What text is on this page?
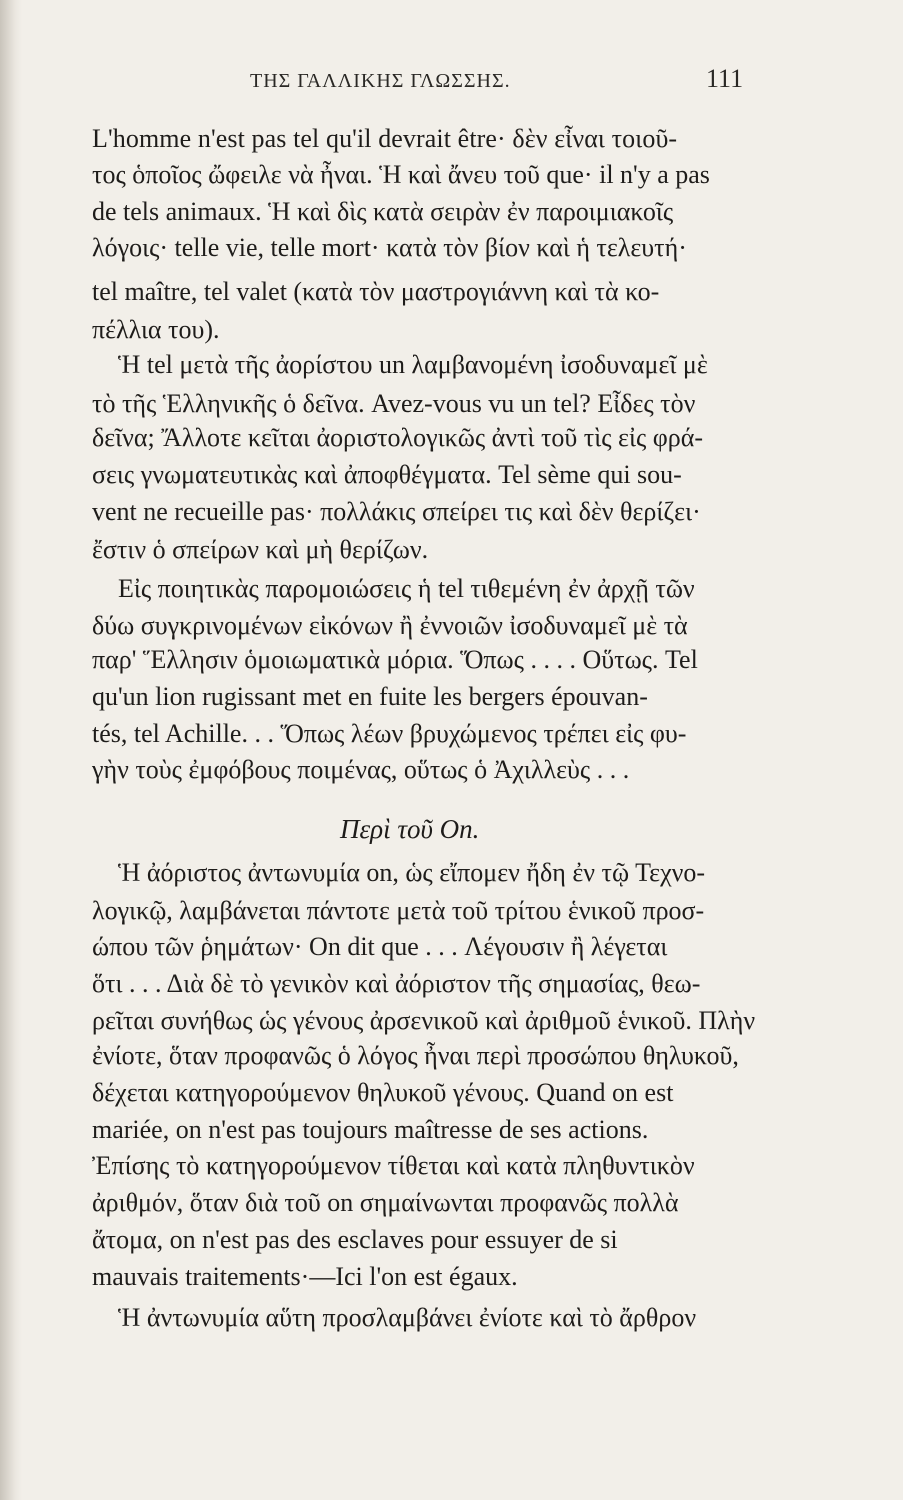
ΤΗΣ ΓΑΛΛΙΚΗΣ ΓΛΩΣΣΗΣ.	111
L'homme n'est pas tel qu'il devrait être· δὲν εἶναι τοιοῦ-
τος ὁποῖος ὤφειλε νὰ ἦναι. Ἡ καὶ ἄνευ τοῦ que· il n'y a pas
de tels animaux. Ἡ καὶ δὶς κατὰ σειρὰν ἐν παροιμιακοῖς
λόγοις· telle vie, telle mort· κατὰ τὸν βίον καὶ ἡ τελευτή·
tel maître, tel valet (κατὰ τὸν μαστρογιάννη καὶ τὰ κο-
πέλλια του).
Ἡ tel μετὰ τῆς ἀορίστου un λαμβανομένη ἰσοδυναμεῖ μὲ
τὸ τῆς Ἑλληνικῆς ὁ δεῖνα. Avez-vous vu un tel? Εἶδες τὸν
δεῖνα; Ἄλλοτε κεῖται ἀοριστολογικῶς ἀντὶ τοῦ τὶς εἰς φρά-
σεις γνωματευτικὰς καὶ ἀποφθέγματα. Tel sème qui sou-
vent ne recueille pas· πολλάκις σπείρει τις καὶ δὲν θερίζει·
ἔστιν ὁ σπείρων καὶ μὴ θερίζων.
Εἰς ποιητικὰς παρομοιώσεις ἡ tel τιθεμένη ἐν ἀρχῇ τῶν
δύω συγκρινομένων εἰκόνων ἢ ἐννοιῶν ἰσοδυναμεῖ μὲ τὰ
παρ' Ἕλλησιν ὁμοιωματικὰ μόρια. Ὅπως . . . . Οὕτως. Tel
qu'un lion rugissant met en fuite les bergers épouvan-
tés, tel Achille. . . Ὅπως λέων βρυχώμενος τρέπει εἰς φυ-
γὴν τοὺς ἐμφόβους ποιμένας, οὕτως ὁ Ἀχιλλεὺς . . .
Περὶ τοῦ On.
Ἡ ἀόριστος ἀντωνυμία on, ὡς εἴπομεν ἤδη ἐν τῷ Τεχνο-
λογικῷ, λαμβάνεται πάντοτε μετὰ τοῦ τρίτου ἑνικοῦ προσ-
ώπου τῶν ῥημάτων· On dit que . . . Λέγουσιν ἢ λέγεται
ὅτι . . . Διὰ δὲ τὸ γενικὸν καὶ ἀόριστον τῆς σημασίας, θεω-
ρεῖται συνήθως ὡς γένους ἀρσενικοῦ καὶ ἀριθμοῦ ἑνικοῦ. Πλὴν
ἐνίοτε, ὅταν προφανῶς ὁ λόγος ἦναι περὶ προσώπου θηλυκοῦ,
δέχεται κατηγορούμενον θηλυκοῦ γένους. Quand on est
mariée, on n'est pas toujours maîtresse de ses actions.
Ἐπίσης τὸ κατηγορούμενον τίθεται καὶ κατὰ πληθυντικὸν
ἀριθμόν, ὅταν διὰ τοῦ on σημαίνωνται προφανῶς πολλὰ
ἄτομα, on n'est pas des esclaves pour essuyer de si
mauvais traitements·—Ici l'on est égaux.
Ἡ ἀντωνυμία αὕτη προσλαμβάνει ἐνίοτε καὶ τὸ ἄρθρον
